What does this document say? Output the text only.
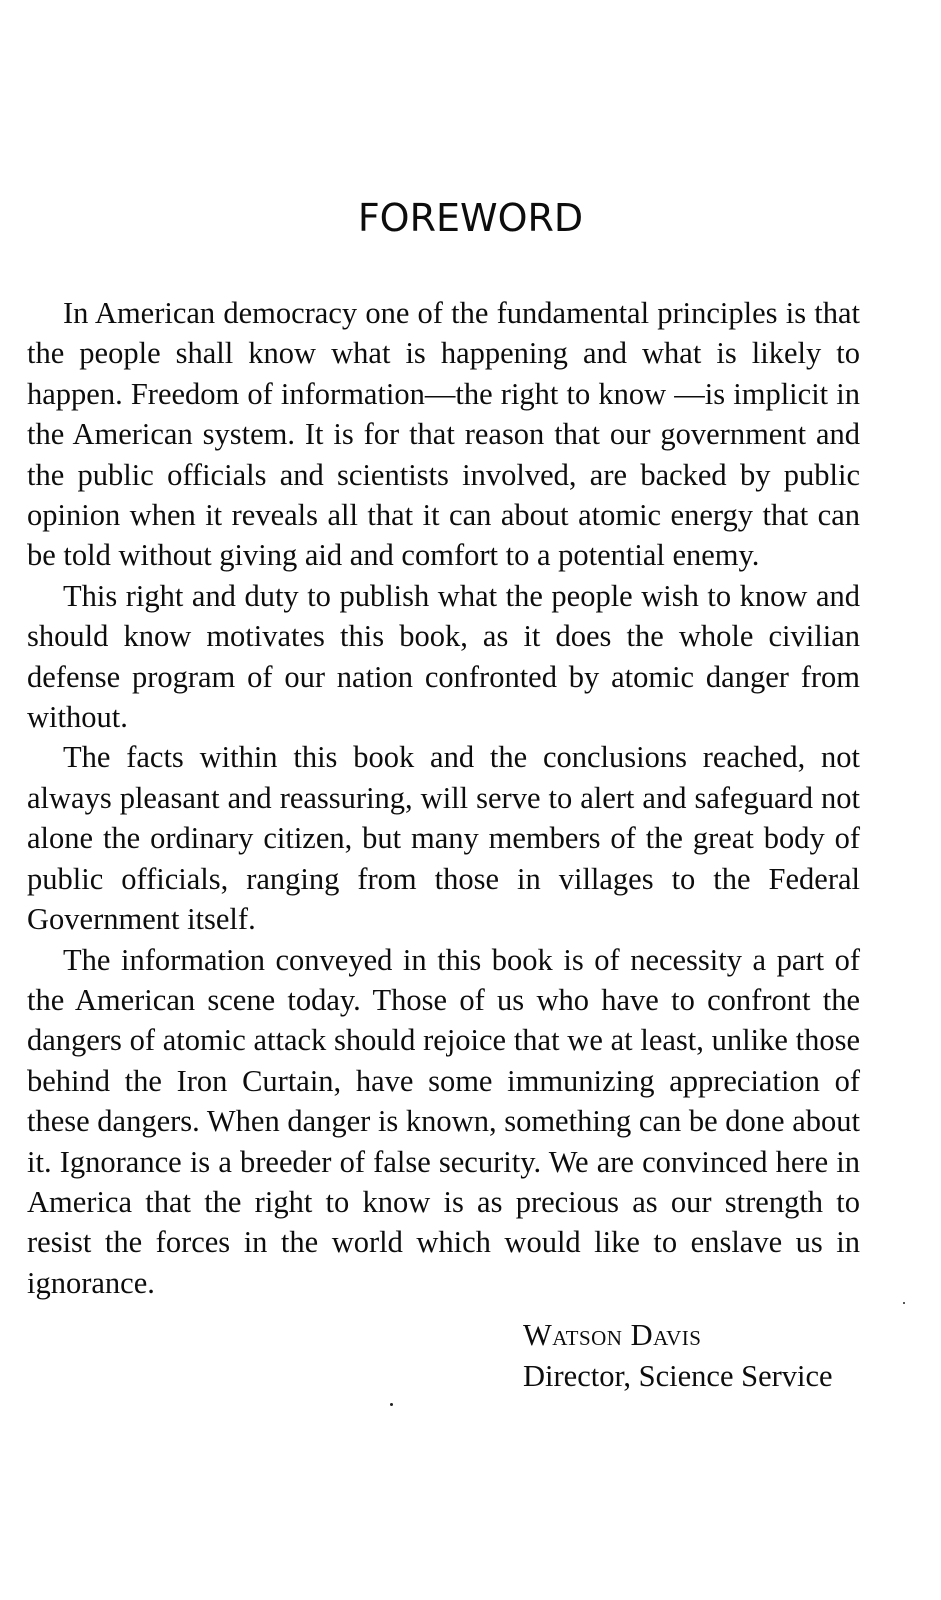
FOREWORD

In American democracy one of the fundamental principles is that the people shall know what is happening and what is likely to happen. Freedom of information—the right to know —is implicit in the American system. It is for that reason that our government and the public officials and scientists involved, are backed by public opinion when it reveals all that it can about atomic energy that can be told without giving aid and comfort to a potential enemy.

This right and duty to publish what the people wish to know and should know motivates this book, as it does the whole civilian defense program of our nation confronted by atomic danger from without.

The facts within this book and the conclusions reached, not always pleasant and reassuring, will serve to alert and safeguard not alone the ordinary citizen, but many members of the great body of public officials, ranging from those in villages to the Federal Government itself.

The information conveyed in this book is of necessity a part of the American scene today. Those of us who have to confront the dangers of atomic attack should rejoice that we at least, unlike those behind the Iron Curtain, have some immunizing appreciation of these dangers. When danger is known, something can be done about it. Ignorance is a breeder of false security. We are convinced here in America that the right to know is as precious as our strength to resist the forces in the world which would like to enslave us in ignorance.

Watson Davis
Director, Science Service
